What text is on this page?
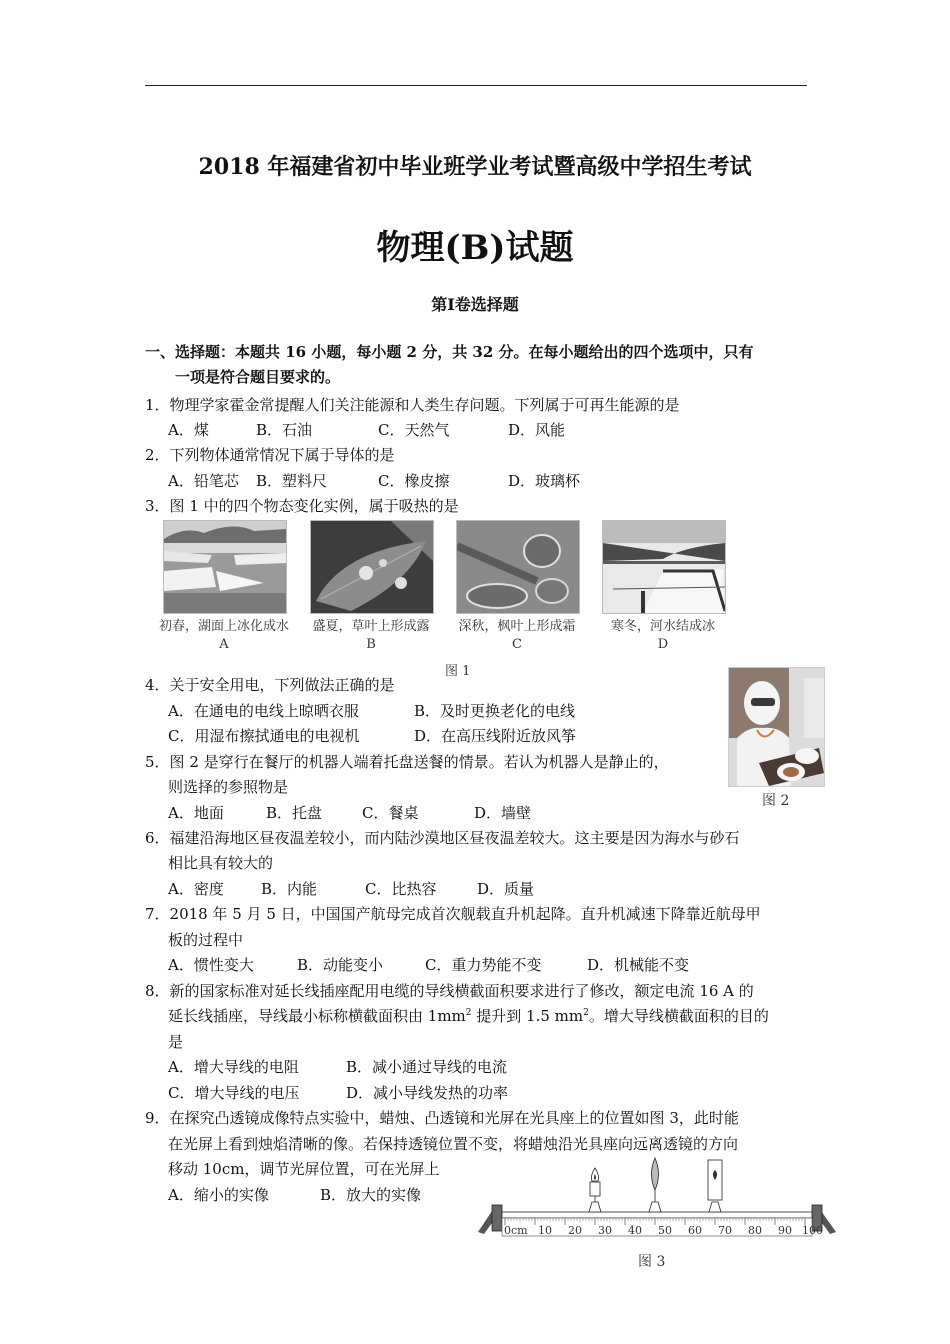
2018 年福建省初中毕业班学业考试暨高级中学招生考试
物理(B)试题
第Ⅰ卷选择题
一、选择题：本题共 16 小题，每小题 2 分，共 32 分。在每小题给出的四个选项中，只有
一项是符合题目要求的。
1．物理学家霍金常提醒人们关注能源和人类生存问题。下列属于可再生能源的是
A．煤	B．石油	C．天然气	D．风能
2．下列物体通常情况下属于导体的是
A．铅笔芯 B．塑料尺	C．橡皮擦	D．玻璃杯
3．图 1 中的四个物态变化实例，属于吸热的是
初春，湖面上冰化成水
A
盛夏，草叶上形成露
B
深秋，枫叶上形成霜
C
寒冬，河水结成冰
D
图 1
4．关于安全用电，下列做法正确的是
A．在通电的电线上晾晒衣服	B．及时更换老化的电线
C．用湿布擦拭通电的电视机	D．在高压线附近放风筝
5．图 2 是穿行在餐厅的机器人端着托盘送餐的情景。若认为机器人是静止的，
则选择的参照物是
A．地面	B．托盘	C．餐桌	D．墙壁
图 2
6．福建沿海地区昼夜温差较小，而内陆沙漠地区昼夜温差较大。这主要是因为海水与砂石
相比具有较大的
A．密度 B．内能	C．比热容	D．质量
7．2018 年 5 月 5 日，中国国产航母完成首次舰载直升机起降。直升机减速下降靠近航母甲
板的过程中
A．惯性变大	B．动能变小	C．重力势能不变	D．机械能不变
8．新的国家标准对延长线插座配用电缆的导线横截面积要求进行了修改，额定电流 16 A 的
延长线插座，导线最小标称横截面积由 $1mm^2$ 提升到 1.5 $mm^2$。增大导线横截面积的目的
是
A．增大导线的电阻	B．减小通过导线的电流
C．增大导线的电压	D．减小导线发热的功率
9．在探究凸透镜成像特点实验中，蜡烛、凸透镜和光屏在光具座上的位置如图 3，此时能
在光屏上看到烛焰清晰的像。若保持透镜位置不变，将蜡烛沿光具座向远离透镜的方向
移动 10cm，调节光屏位置，可在光屏上
A．缩小的实像	B．放大的实像
0cm 10 20 30 40 50 60 70 80 90 100
图 3
